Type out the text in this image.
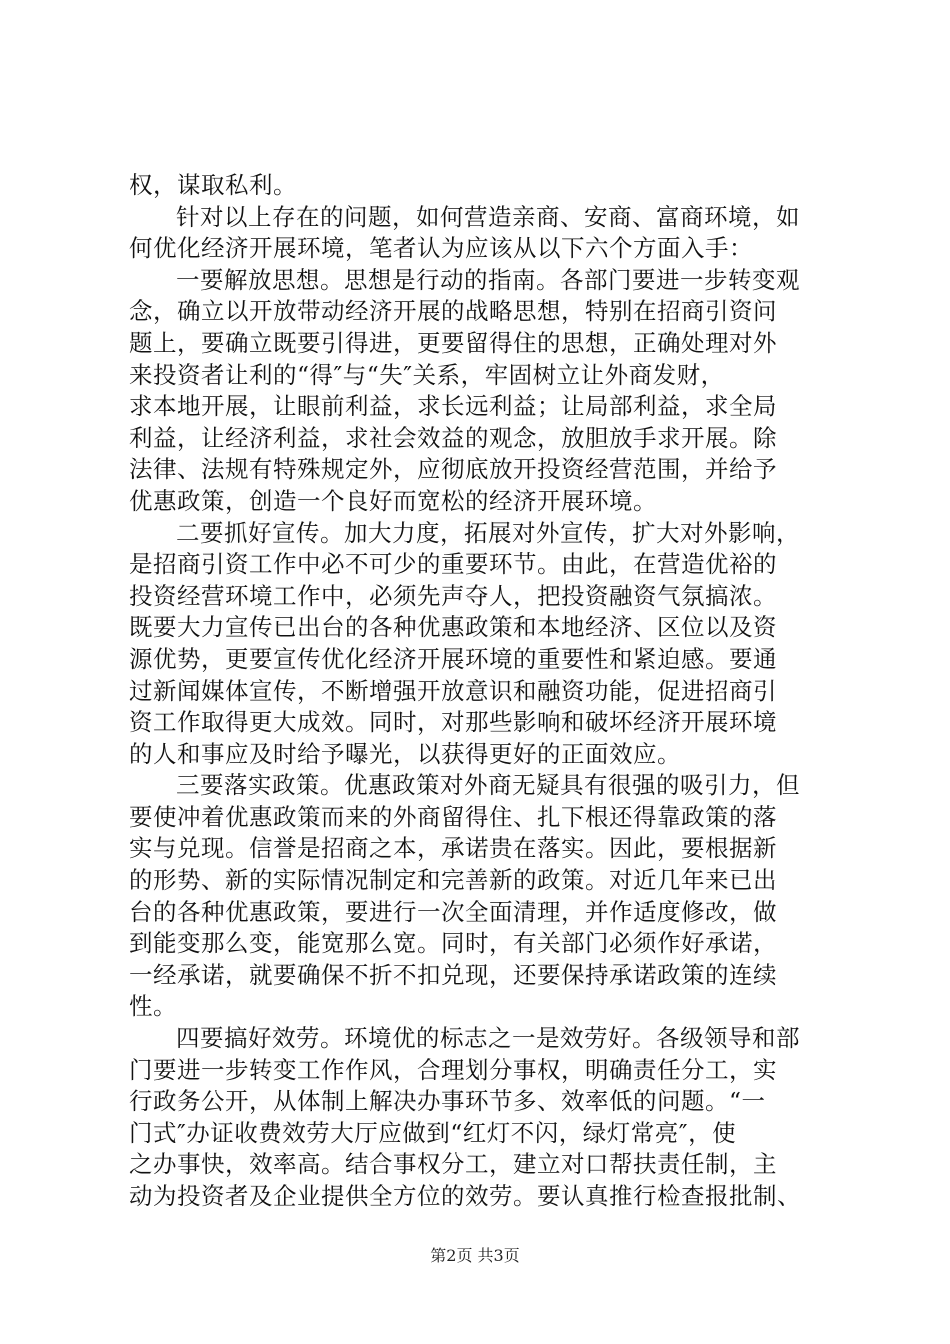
权，谋取私利。
针对以上存在的问题，如何营造亲商、安商、富商环境，如
何优化经济开展环境，笔者认为应该从以下六个方面入手：
一要解放思想。思想是行动的指南。各部门要进一步转变观
念，确立以开放带动经济开展的战略思想，特别在招商引资问
题上，要确立既要引得进，更要留得住的思想，正确处理对外
来投资者让利的“得″与“失″关系，牢固树立让外商发财，
求本地开展，让眼前利益，求长远利益；让局部利益，求全局
利益，让经济利益，求社会效益的观念，放胆放手求开展。除
法律、法规有特殊规定外，应彻底放开投资经营范围，并给予
优惠政策，创造一个良好而宽松的经济开展环境。
二要抓好宣传。加大力度，拓展对外宣传，扩大对外影响，
是招商引资工作中必不可少的重要环节。由此，在营造优裕的
投资经营环境工作中，必须先声夺人，把投资融资气氛搞浓。
既要大力宣传已出台的各种优惠政策和本地经济、区位以及资
源优势，更要宣传优化经济开展环境的重要性和紧迫感。要通
过新闻媒体宣传，不断增强开放意识和融资功能，促进招商引
资工作取得更大成效。同时，对那些影响和破坏经济开展环境
的人和事应及时给予曝光，以获得更好的正面效应。
三要落实政策。优惠政策对外商无疑具有很强的吸引力，但
要使冲着优惠政策而来的外商留得住、扎下根还得靠政策的落
实与兑现。信誉是招商之本，承诺贵在落实。因此，要根据新
的形势、新的实际情况制定和完善新的政策。对近几年来已出
台的各种优惠政策，要进行一次全面清理，并作适度修改，做
到能变那么变，能宽那么宽。同时，有关部门必须作好承诺，
一经承诺，就要确保不折不扣兑现，还要保持承诺政策的连续
性。
四要搞好效劳。环境优的标志之一是效劳好。各级领导和部
门要进一步转变工作作风，合理划分事权，明确责任分工，实
行政务公开，从体制上解决办事环节多、效率低的问题。“一
门式″办证收费效劳大厅应做到“红灯不闪，绿灯常亮″，使
之办事快，效率高。结合事权分工，建立对口帮扶责任制，主
动为投资者及企业提供全方位的效劳。要认真推行检查报批制、
第2页 共3页
